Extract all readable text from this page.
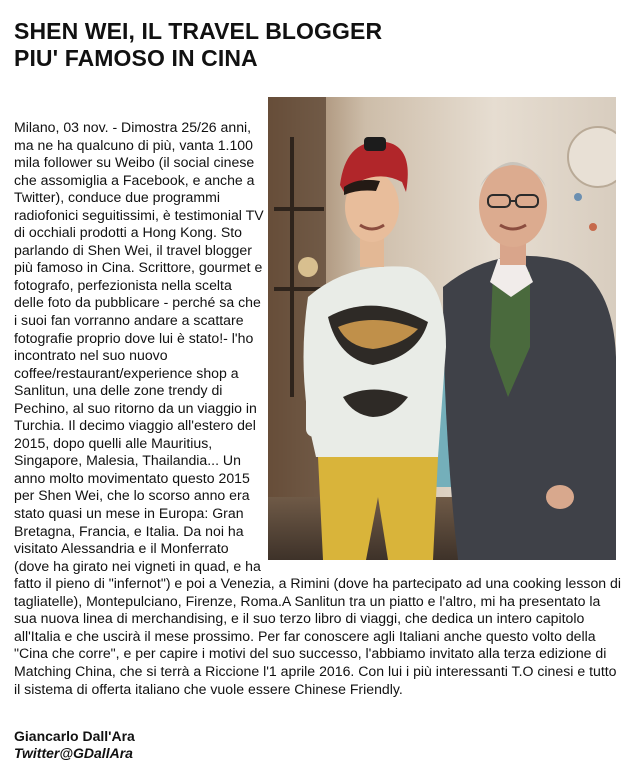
SHEN WEI, IL TRAVEL BLOGGER
PIU' FAMOSO IN CINA
Milano, 03 nov. - Dimostra 25/26 anni, ma ne ha qualcuno di più, vanta 1.100 mila follower su Weibo (il social cinese che assomiglia a Facebook, e anche a Twitter), conduce due programmi radiofonici seguitissimi, è testimonial TV di occhiali prodotti a Hong Kong. Sto parlando di Shen Wei, il travel blogger più famoso in Cina. Scrittore, gourmet e fotografo, perfezionista nella scelta delle foto da pubblicare - perché sa che i suoi fan vorranno andare a scattare fotografie proprio dove lui è stato!- l'ho incontrato nel suo nuovo coffee/restaurant/experience shop a Sanlitun, una delle zone trendy di Pechino, al suo ritorno da un viaggio in Turchia. Il decimo viaggio all'estero del 2015, dopo quelli alle Mauritius, Singapore, Malesia, Thailandia... Un anno molto movimentato questo 2015 per Shen Wei, che lo scorso anno era stato quasi un mese in Europa: Gran Bretagna, Francia, e Italia. Da noi ha visitato Alessandria e il Monferrato (dove ha girato nei vigneti in quad, e ha fatto il pieno di "infernot") e poi a Venezia, a Rimini (dove ha partecipato ad una cooking lesson di tagliatelle), Montepulciano, Firenze, Roma.A Sanlitun tra un piatto e l'altro, mi ha presentato la sua nuova linea di merchandising, e il suo terzo libro di viaggi, che dedica un intero capitolo all'Italia e che uscirà il mese prossimo. Per far conoscere agli Italiani anche questo volto della "Cina che corre", e per capire i motivi del suo successo, l'abbiamo invitato alla terza edizione di Matching China, che si terrà a Riccione l'1 aprile 2016. Con lui i più interessanti T.O cinesi e tutto il sistema di offerta italiano che vuole essere Chinese Friendly.
Giancarlo Dall'Ara
Twitter@GDallAra
